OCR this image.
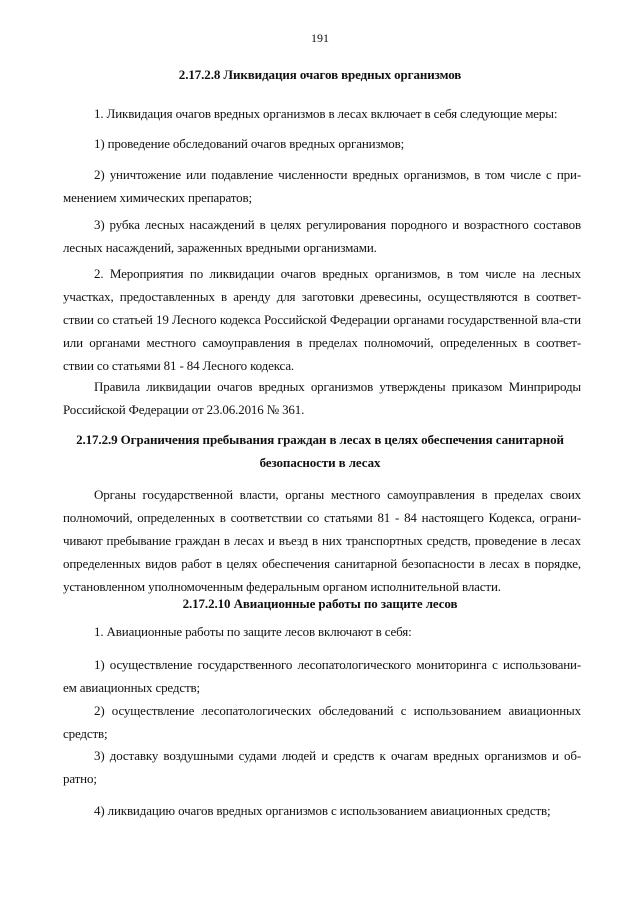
191
2.17.2.8 Ликвидация очагов вредных организмов
1. Ликвидация очагов вредных организмов в лесах включает в себя следующие меры:
1) проведение обследований очагов вредных организмов;
2) уничтожение или подавление численности вредных организмов, в том числе с при-менением химических препаратов;
3) рубка лесных насаждений в целях регулирования породного и возрастного составов лесных насаждений, зараженных вредными организмами.
2. Мероприятия по ликвидации очагов вредных организмов, в том числе на лесных участках, предоставленных в аренду для заготовки древесины, осуществляются в соответ-ствии со статьей 19 Лесного кодекса Российской Федерации органами государственной вла-сти или органами местного самоуправления в пределах полномочий, определенных в соответ-ствии со статьями 81 - 84 Лесного кодекса.
Правила ликвидации очагов вредных организмов утверждены приказом Минприроды Российской Федерации от 23.06.2016 № 361.
2.17.2.9 Ограничения пребывания граждан в лесах в целях обеспечения санитарной
безопасности в лесах
Органы государственной власти, органы местного самоуправления в пределах своих полномочий, определенных в соответствии со статьями 81 - 84 настоящего Кодекса, ограни-чивают пребывание граждан в лесах и въезд в них транспортных средств, проведение в лесах определенных видов работ в целях обеспечения санитарной безопасности в лесах в порядке, установленном уполномоченным федеральным органом исполнительной власти.
2.17.2.10 Авиационные работы по защите лесов
1. Авиационные работы по защите лесов включают в себя:
1) осуществление государственного лесопатологического мониторинга с использовани-ем авиационных средств;
2) осуществление лесопатологических обследований с использованием авиационных средств;
3) доставку воздушными судами людей и средств к очагам вредных организмов и об-ратно;
4) ликвидацию очагов вредных организмов с использованием авиационных средств;
